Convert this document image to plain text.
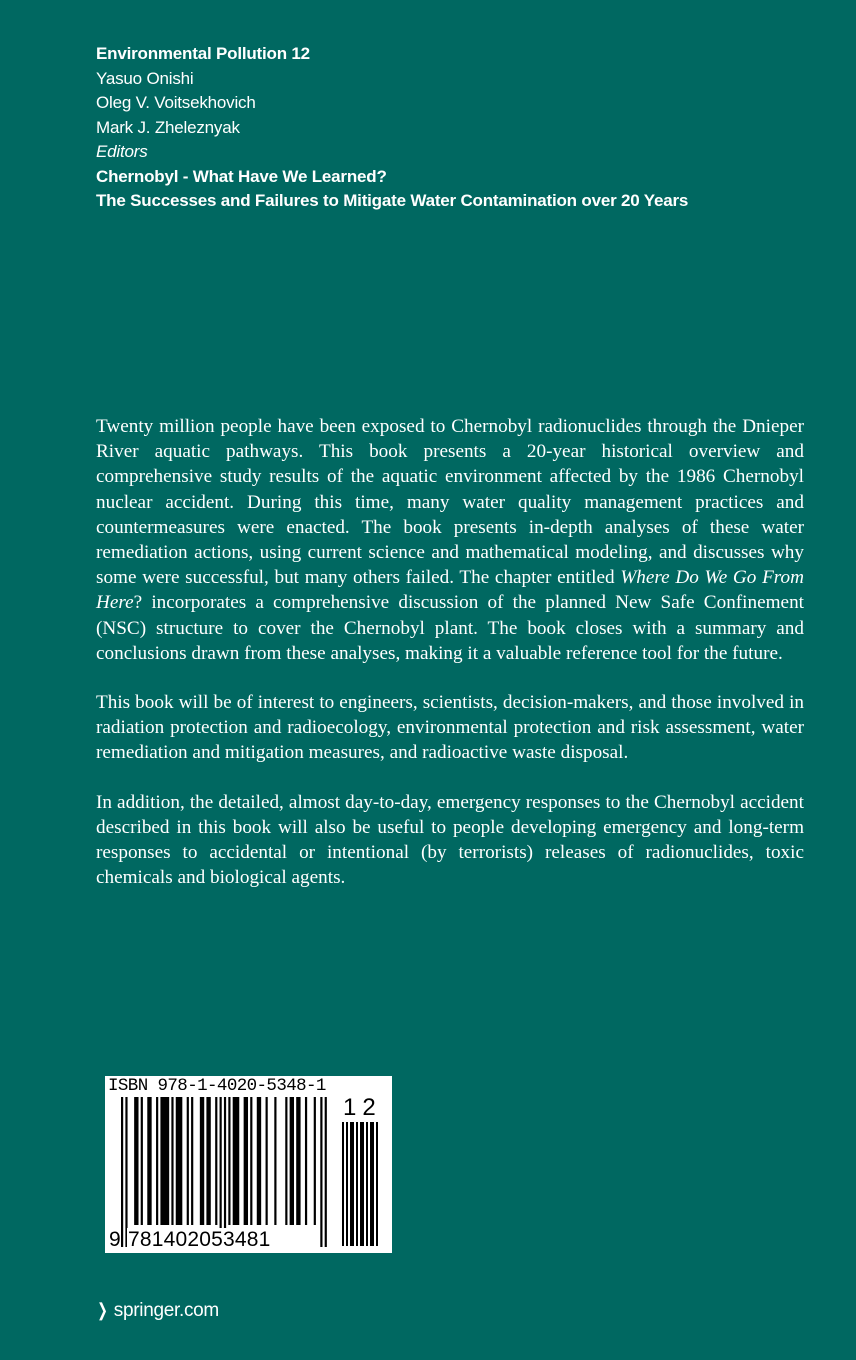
Environmental Pollution 12
Yasuo Onishi
Oleg V. Voitsekhovich
Mark J. Zheleznyak
Editors
Chernobyl - What Have We Learned?
The Successes and Failures to Mitigate Water Contamination over 20 Years

Twenty million people have been exposed to Chernobyl radionuclides through the Dnieper River aquatic pathways. This book presents a 20-year historical overview and comprehensive study results of the aquatic environment affected by the 1986 Chernobyl nuclear accident. During this time, many water quality management practices and countermeasures were enacted. The book presents in-depth analyses of these water remediation actions, using current science and mathematical modeling, and discusses why some were successful, but many others failed. The chapter entitled Where Do We Go From Here? incorporates a comprehensive discussion of the planned New Safe Confinement (NSC) structure to cover the Chernobyl plant. The book closes with a summary and conclusions drawn from these analyses, making it a valuable reference tool for the future.

This book will be of interest to engineers, scientists, decision-makers, and those involved in radiation protection and radioecology, environmental protection and risk assessment, water remediation and mitigation measures, and radioactive waste disposal.

In addition, the detailed, almost day-to-day, emergency responses to the Chernobyl accident described in this book will also be useful to people developing emergency and long-term responses to accidental or intentional (by terrorists) releases of radionuclides, toxic chemicals and biological agents.

ISBN 978-1-4020-5348-1
9 781402053481
12
❯ springer.com
